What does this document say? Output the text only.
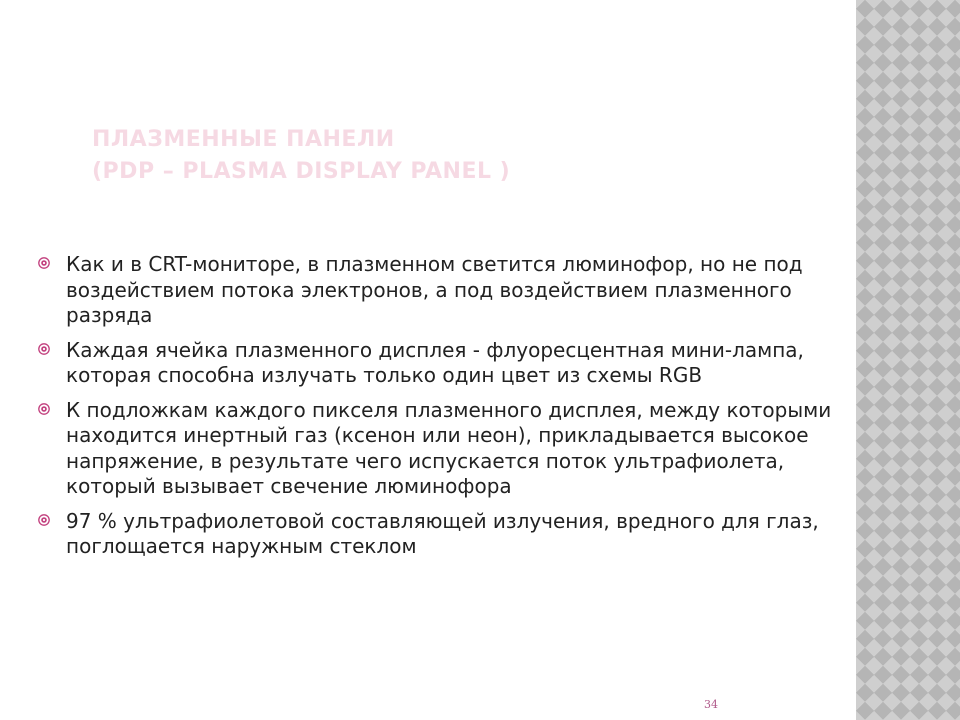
ПЛАЗМЕННЫЕ ПАНЕЛИ
(PDP – PLASMA DISPLAY PANEL )
Как и в CRT-мониторе, в плазменном светится люминофор, но не под воздействием потока электронов, а под воздействием плазменного разряда
Каждая ячейка плазменного дисплея - флуоресцентная мини-лампа, которая способна излучать только один цвет из схемы RGB
К подложкам каждого пикселя плазменного дисплея, между которыми находится инертный газ (ксенон или неон), прикладывается высокое напряжение, в результате чего испускается поток ультрафиолета, который вызывает свечение люминофора
97 % ультрафиолетовой составляющей излучения, вредного для глаз, поглощается наружным стеклом
34
